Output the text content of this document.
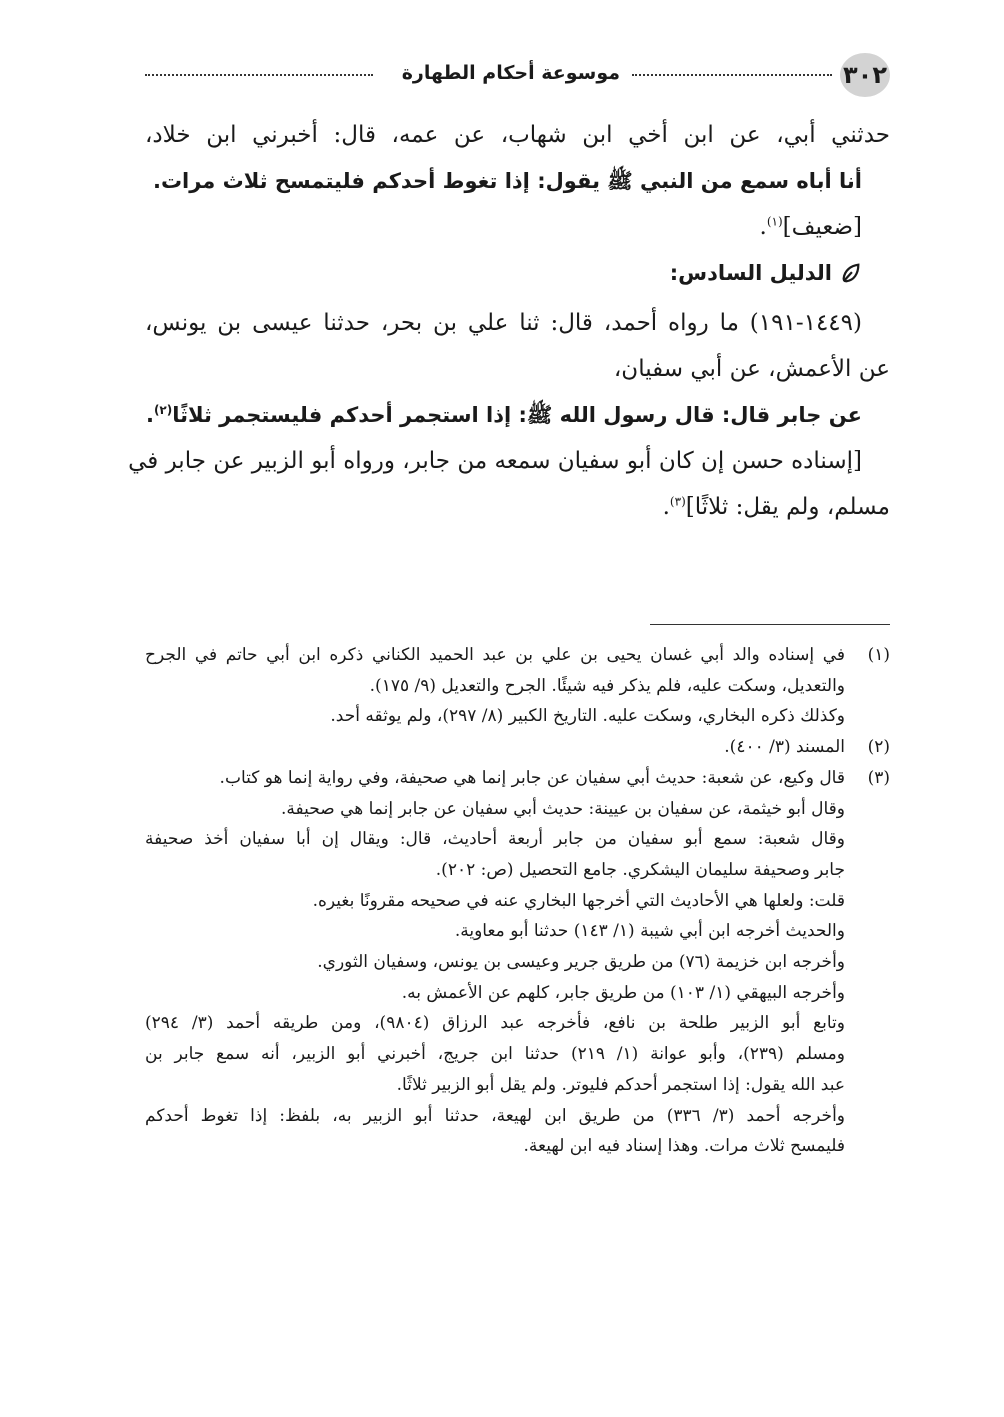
٣٠٢
موسوعة أحكام الطهارة
حدثني أبي، عن ابن أخي ابن شهاب، عن عمه، قال: أخبرني ابن خلاد،
أنا أباه سمع من النبي ﷺ يقول: إذا تغوط أحدكم فليتمسح ثلاث مرات.
[ضعيف]$^{(١)}$.
الدليل السادس:
(١٤٤٩-١٩١) ما رواه أحمد، قال: ثنا علي بن بحر، حدثنا عيسى بن يونس،
عن الأعمش، عن أبي سفيان،
عن جابر قال: قال رسول الله ﷺ: إذا استجمر أحدكم فليستجمر ثلاثًا$^{(٢)}$.
[إسناده حسن إن كان أبو سفيان سمعه من جابر، ورواه أبو الزبير عن جابر في
مسلم، ولم يقل: ثلاثًا]$^{(٣)}$.
(١)
في إسناده والد أبي غسان يحيى بن علي بن عبد الحميد الكناني ذكره ابن أبي حاتم في الجرح
والتعديل، وسكت عليه، فلم يذكر فيه شيئًا. الجرح والتعديل (٩/ ١٧٥).
وكذلك ذكره البخاري، وسكت عليه. التاريخ الكبير (٨/ ٢٩٧)، ولم يوثقه أحد.
(٢)
المسند (٣/ ٤٠٠).
(٣)
قال وكيع، عن شعبة: حديث أبي سفيان عن جابر إنما هي صحيفة، وفي رواية إنما هو كتاب.
وقال أبو خيثمة، عن سفيان بن عيينة: حديث أبي سفيان عن جابر إنما هي صحيفة.
وقال شعبة: سمع أبو سفيان من جابر أربعة أحاديث، قال: ويقال إن أبا سفيان أخذ صحيفة
جابر وصحيفة سليمان اليشكري. جامع التحصيل (ص: ٢٠٢).
قلت: ولعلها هي الأحاديث التي أخرجها البخاري عنه في صحيحه مقرونًا بغيره.
والحديث أخرجه ابن أبي شيبة (١/ ١٤٣) حدثنا أبو معاوية.
وأخرجه ابن خزيمة (٧٦) من طريق جرير وعيسى بن يونس، وسفيان الثوري.
وأخرجه البيهقي (١/ ١٠٣) من طريق جابر، كلهم عن الأعمش به.
وتابع أبو الزبير طلحة بن نافع، فأخرجه عبد الرزاق (٩٨٠٤)، ومن طريقه أحمد (٣/ ٢٩٤)
ومسلم (٢٣٩)، وأبو عوانة (١/ ٢١٩) حدثنا ابن جريج، أخبرني أبو الزبير، أنه سمع جابر بن
عبد الله يقول: إذا استجمر أحدكم فليوتر. ولم يقل أبو الزبير ثلاثًا.
وأخرجه أحمد (٣/ ٣٣٦) من طريق ابن لهيعة، حدثنا أبو الزبير به، بلفظ: إذا تغوط أحدكم
فليمسح ثلاث مرات. وهذا إسناد فيه ابن لهيعة.
